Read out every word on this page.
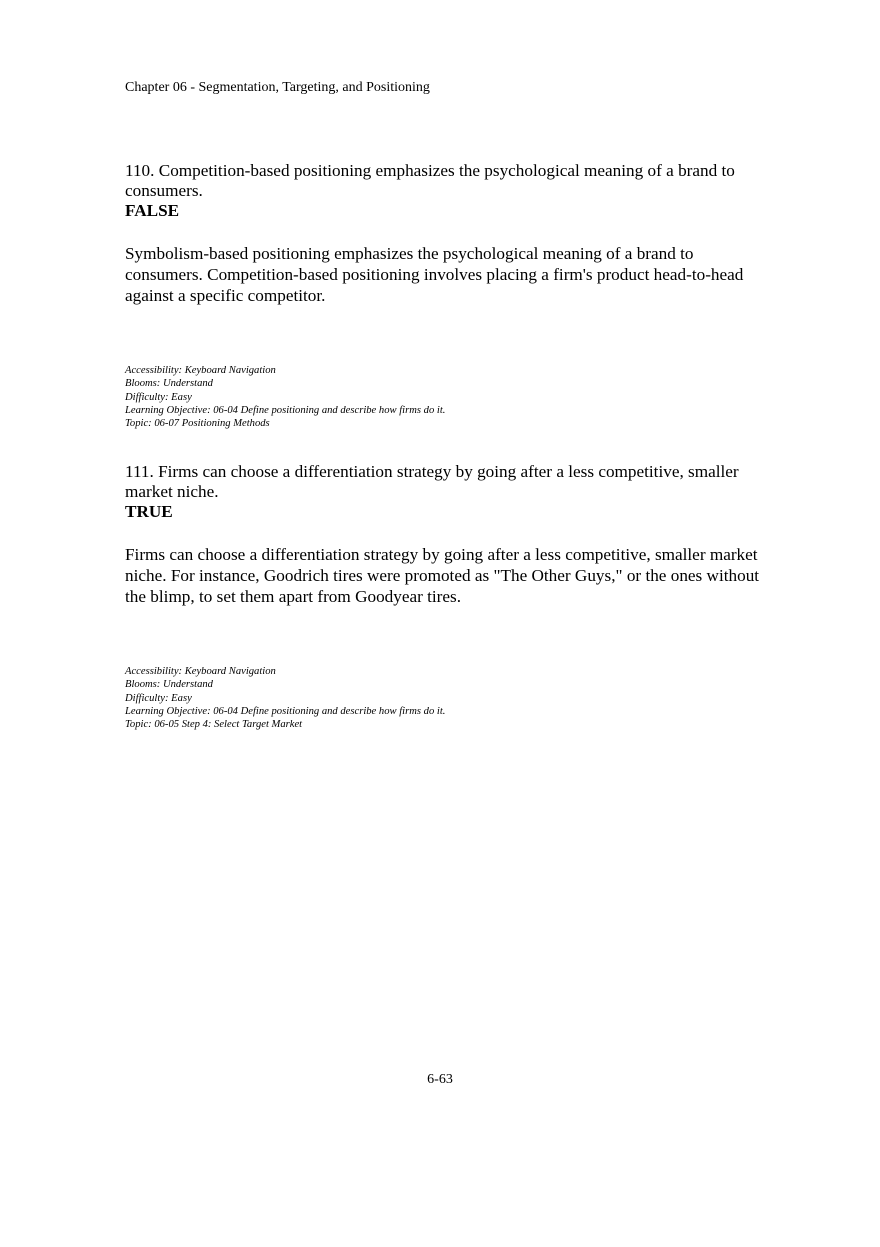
Chapter 06 - Segmentation, Targeting, and Positioning

110. Competition-based positioning emphasizes the psychological meaning of a brand to consumers.

FALSE

Symbolism-based positioning emphasizes the psychological meaning of a brand to consumers. Competition-based positioning involves placing a firm's product head-to-head against a specific competitor.

Accessibility: Keyboard Navigation
Blooms: Understand
Difficulty: Easy
Learning Objective: 06-04 Define positioning and describe how firms do it.
Topic: 06-07 Positioning Methods

111. Firms can choose a differentiation strategy by going after a less competitive, smaller market niche.

TRUE

Firms can choose a differentiation strategy by going after a less competitive, smaller market niche. For instance, Goodrich tires were promoted as "The Other Guys," or the ones without the blimp, to set them apart from Goodyear tires.

Accessibility: Keyboard Navigation
Blooms: Understand
Difficulty: Easy
Learning Objective: 06-04 Define positioning and describe how firms do it.
Topic: 06-05 Step 4: Select Target Market
6-63
